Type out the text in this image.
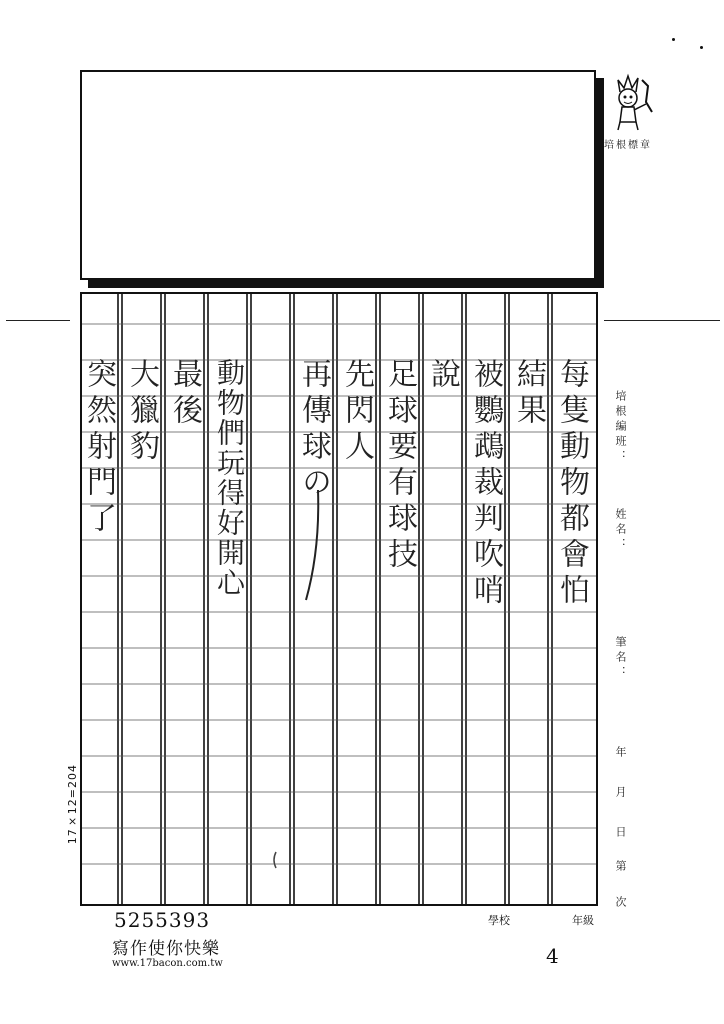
培根標章
每隻動物都會怕
結果
被鸚鵡裁判吹哨
說
足球要有球技
先閃人
再傳球の
動物們玩得好開心
最後
大獵豹
突然射門了
17×12=204
培根編班：
姓名：
筆名：
年
月
日
第
次
5255393
寫作使你快樂
www.17bacon.com.tw
學校	年級
4
